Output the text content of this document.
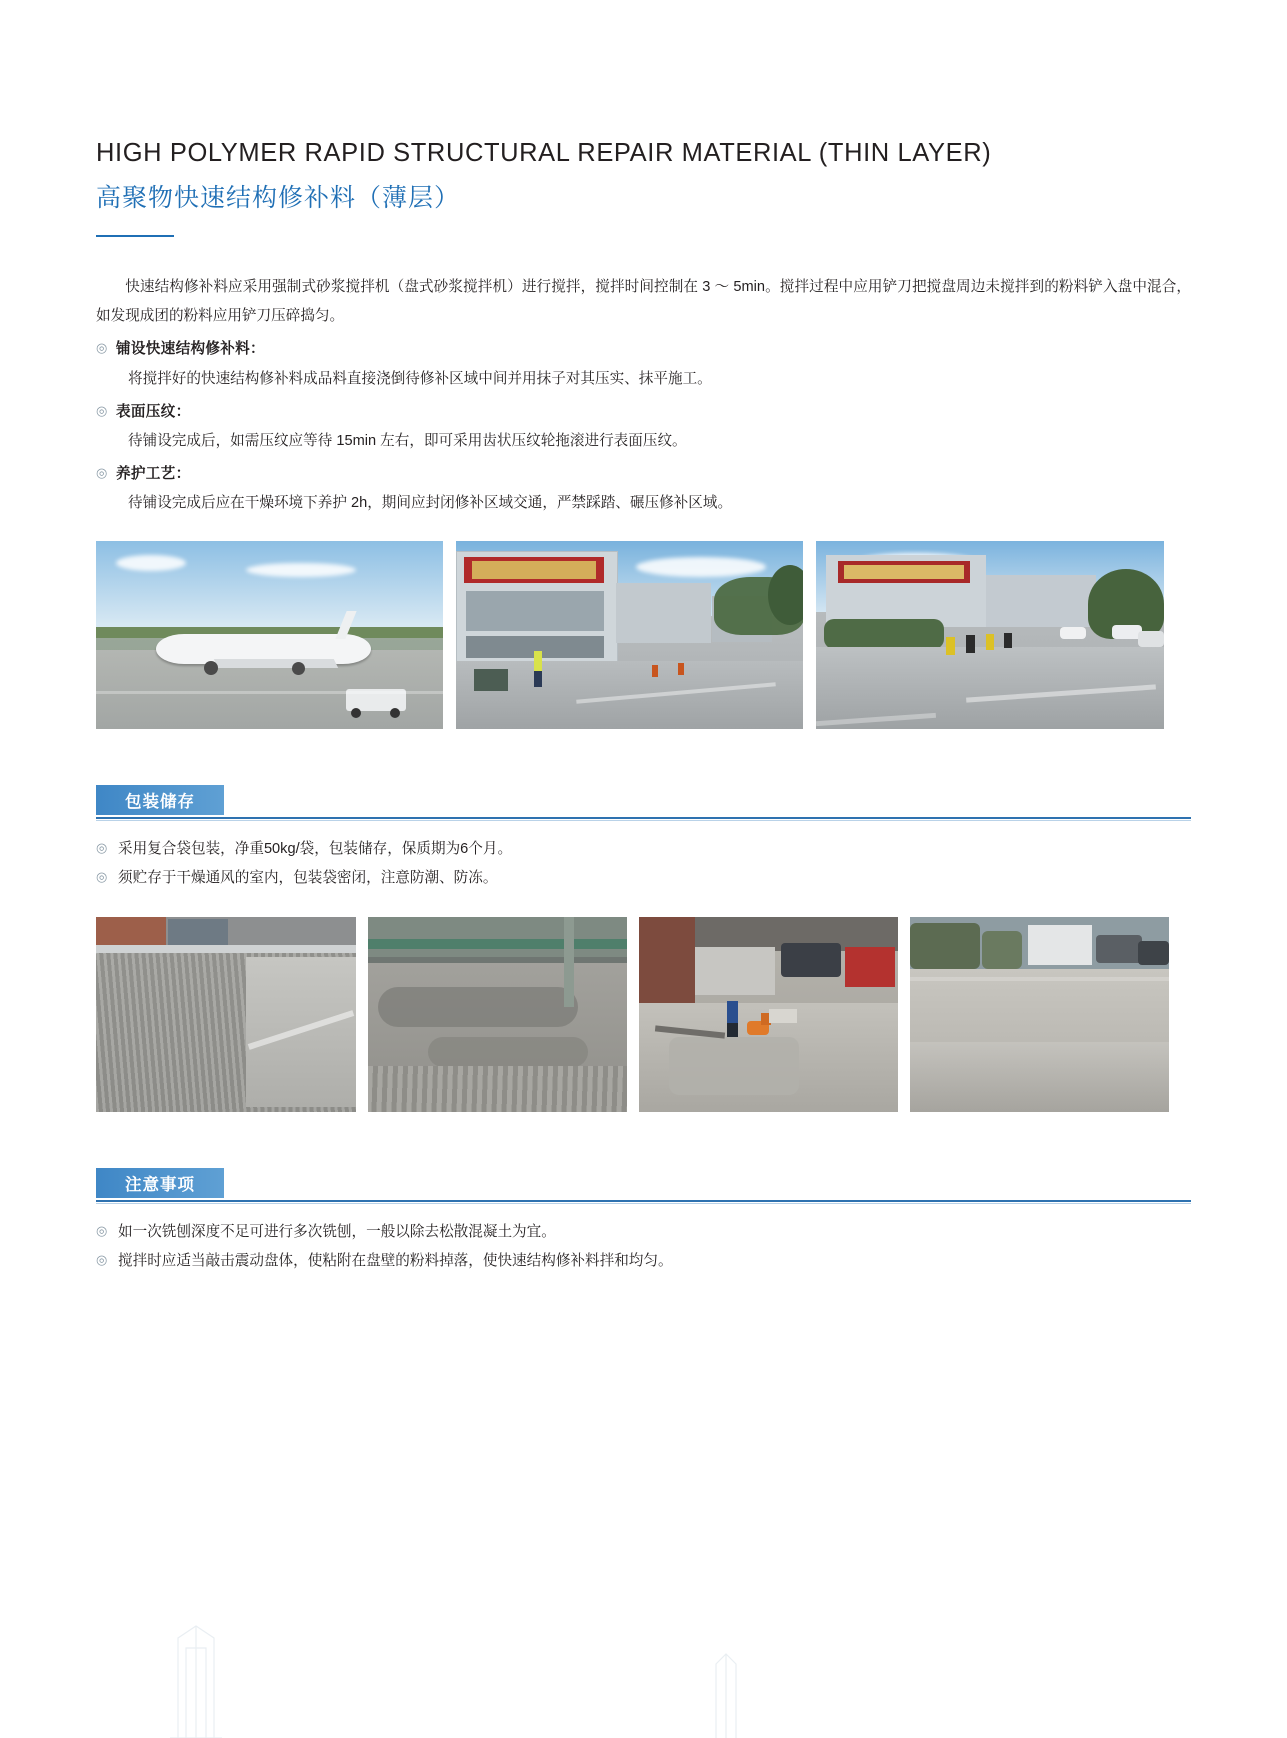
HIGH POLYMER RAPID STRUCTURAL REPAIR MATERIAL (THIN LAYER)
高聚物快速结构修补料（薄层）
快速结构修补料应采用强制式砂浆搅拌机（盘式砂浆搅拌机）进行搅拌，搅拌时间控制在 3 ～ 5min。搅拌过程中应用铲刀把搅盘周边未搅拌到的粉料铲入盘中混合，如发现成团的粉料应用铲刀压碎捣匀。
◎ 铺设快速结构修补料：
将搅拌好的快速结构修补料成品料直接浇倒待修补区域中间并用抹子对其压实、抹平施工。
◎ 表面压纹：
待铺设完成后，如需压纹应等待 15min 左右，即可采用齿状压纹轮拖滚进行表面压纹。
◎ 养护工艺：
待铺设完成后应在干燥环境下养护 2h，期间应封闭修补区域交通，严禁踩踏、碾压修补区域。
包装储存
◎ 采用复合袋包装，净重50kg/袋，包装储存，保质期为6个月。
◎ 须贮存于干燥通风的室内，包装袋密闭，注意防潮、防冻。
注意事项
◎ 如一次铣刨深度不足可进行多次铣刨，一般以除去松散混凝土为宜。
◎ 搅拌时应适当敲击震动盘体，使粘附在盘壁的粉料掉落，使快速结构修补料拌和均匀。
